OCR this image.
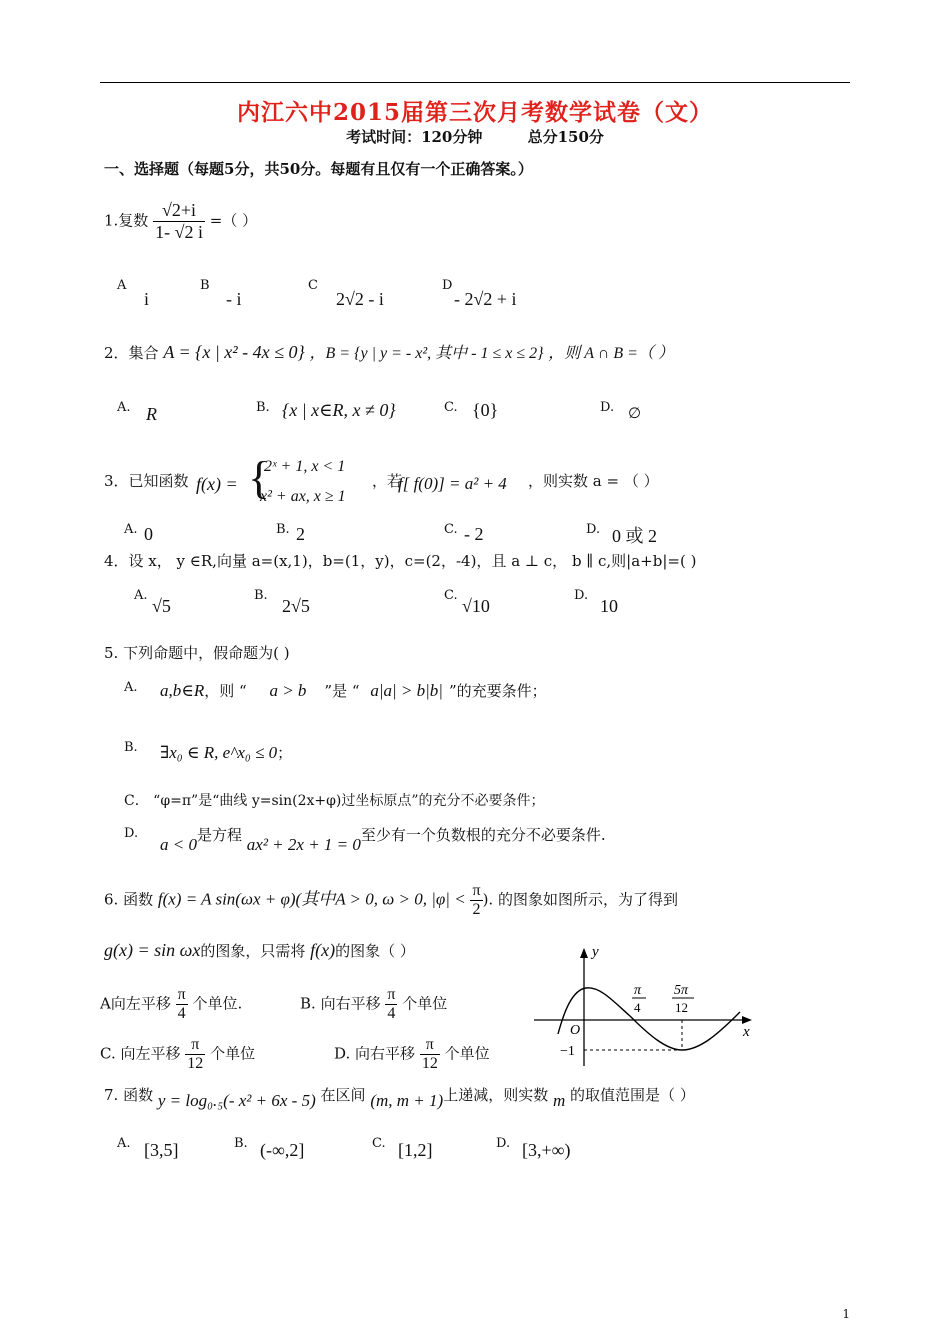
内江六中2015届第三次月考数学试卷（文）
考试时间：120分钟	总分150分
一、选择题（每题5分，共50分。每题有且仅有一个正确答案。）
1.复数 $\frac{√2+i}{1- √2 i}$ =（ ）
A
i
B
- i
C
2√2 - i
D
- 2√2 + i
2．集合 A = {x | x² - 4x ≤ 0} ，B = {y | y = - x², 其中 - 1 ≤ x ≤ 2} ，则 A ∩ B =（ ）
A. R	B. {x | x∈R, x ≠ 0}	C. {0}	D. ∅
3．已知函数 f(x) = {
2ˣ + 1, x < 1
x² + ax, x ≥ 1
，若
f[ f(0)] = a² + 4 ，则实数 a = （ ）
A. 0	B. 2	C. - 2	D. 0 或 2
4．设 x， y ∈R,向量 a=(x,1)，b=(1，y)，c=(2，-4)，且 a ⊥ c， b ∥ c,则|a+b|=( )
A.
√5
B.
2√5
C.
√10
D.
10
5. 下列命题中，假命题为( )
A. a,b∈R，则 “ a > b ”是 “ a|a| > b|b| ”的充要条件；
B. ∃x₀ ∈ R, e^x₀ ≤ 0；
C． “φ=π”是“曲线 y=sin(2x+φ)过坐标原点”的充分不必要条件；
D.
a < 0是方程 ax² + 2x + 1 = 0至少有一个负数根的充分不必要条件.
6. 函数 f(x) = A sin(ωx + φ)(其中A > 0, ω > 0, $|\varphi| < \frac{\pi}{2}$ ). 的图象如图所示，为了得到
g(x) = sin ωx的图象，只需将 f(x)的图象（ ）
A向左平移 $\frac{\pi}{4}$ 个单位.	B. 向右平移 $\frac{\pi}{4}$ 个单位
C. 向左平移 $\frac{\pi}{12}$ 个单位	D. 向右平移 $\frac{\pi}{12}$ 个单位
y
x
O
−1
π
4
5π
12
7. 函数 y = log₀.₅(- x² + 6x - 5) 在区间 (m, m + 1)上递减，则实数 m 的取值范围是（ ）
A. [3,5]	B. (-∞,2]	C. [1,2]	D. [3,+∞)
1
